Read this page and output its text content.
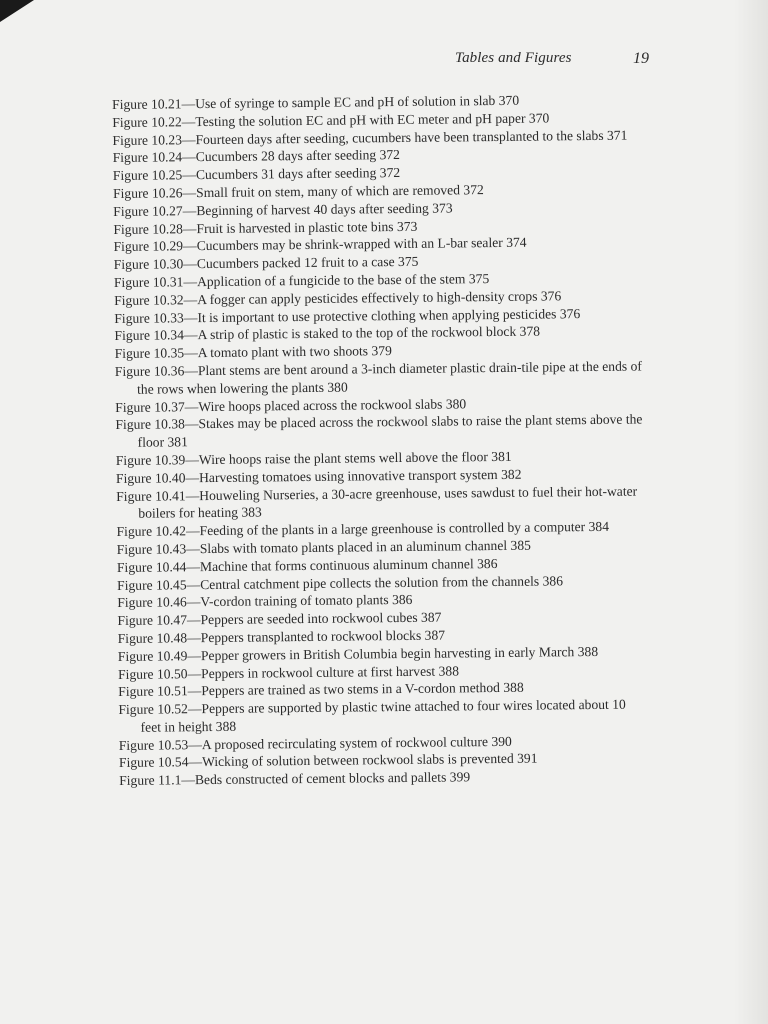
Tables and Figures	19
Figure 10.21—Use of syringe to sample EC and pH of solution in slab 370
Figure 10.22—Testing the solution EC and pH with EC meter and pH paper 370
Figure 10.23—Fourteen days after seeding, cucumbers have been transplanted to the slabs 371
Figure 10.24—Cucumbers 28 days after seeding 372
Figure 10.25—Cucumbers 31 days after seeding 372
Figure 10.26—Small fruit on stem, many of which are removed 372
Figure 10.27—Beginning of harvest 40 days after seeding 373
Figure 10.28—Fruit is harvested in plastic tote bins 373
Figure 10.29—Cucumbers may be shrink-wrapped with an L-bar sealer 374
Figure 10.30—Cucumbers packed 12 fruit to a case 375
Figure 10.31—Application of a fungicide to the base of the stem 375
Figure 10.32—A fogger can apply pesticides effectively to high-density crops 376
Figure 10.33—It is important to use protective clothing when applying pesticides 376
Figure 10.34—A strip of plastic is staked to the top of the rockwool block 378
Figure 10.35—A tomato plant with two shoots 379
Figure 10.36—Plant stems are bent around a 3-inch diameter plastic drain-tile pipe at the ends of the rows when lowering the plants 380
Figure 10.37—Wire hoops placed across the rockwool slabs 380
Figure 10.38—Stakes may be placed across the rockwool slabs to raise the plant stems above the floor 381
Figure 10.39—Wire hoops raise the plant stems well above the floor 381
Figure 10.40—Harvesting tomatoes using innovative transport system 382
Figure 10.41—Houweling Nurseries, a 30-acre greenhouse, uses sawdust to fuel their hot-water boilers for heating 383
Figure 10.42—Feeding of the plants in a large greenhouse is controlled by a computer 384
Figure 10.43—Slabs with tomato plants placed in an aluminum channel 385
Figure 10.44—Machine that forms continuous aluminum channel 386
Figure 10.45—Central catchment pipe collects the solution from the channels 386
Figure 10.46—V-cordon training of tomato plants 386
Figure 10.47—Peppers are seeded into rockwool cubes 387
Figure 10.48—Peppers transplanted to rockwool blocks 387
Figure 10.49—Pepper growers in British Columbia begin harvesting in early March 388
Figure 10.50—Peppers in rockwool culture at first harvest 388
Figure 10.51—Peppers are trained as two stems in a V-cordon method 388
Figure 10.52—Peppers are supported by plastic twine attached to four wires located about 10 feet in height 388
Figure 10.53—A proposed recirculating system of rockwool culture 390
Figure 10.54—Wicking of solution between rockwool slabs is prevented 391
Figure 11.1—Beds constructed of cement blocks and pallets 399
